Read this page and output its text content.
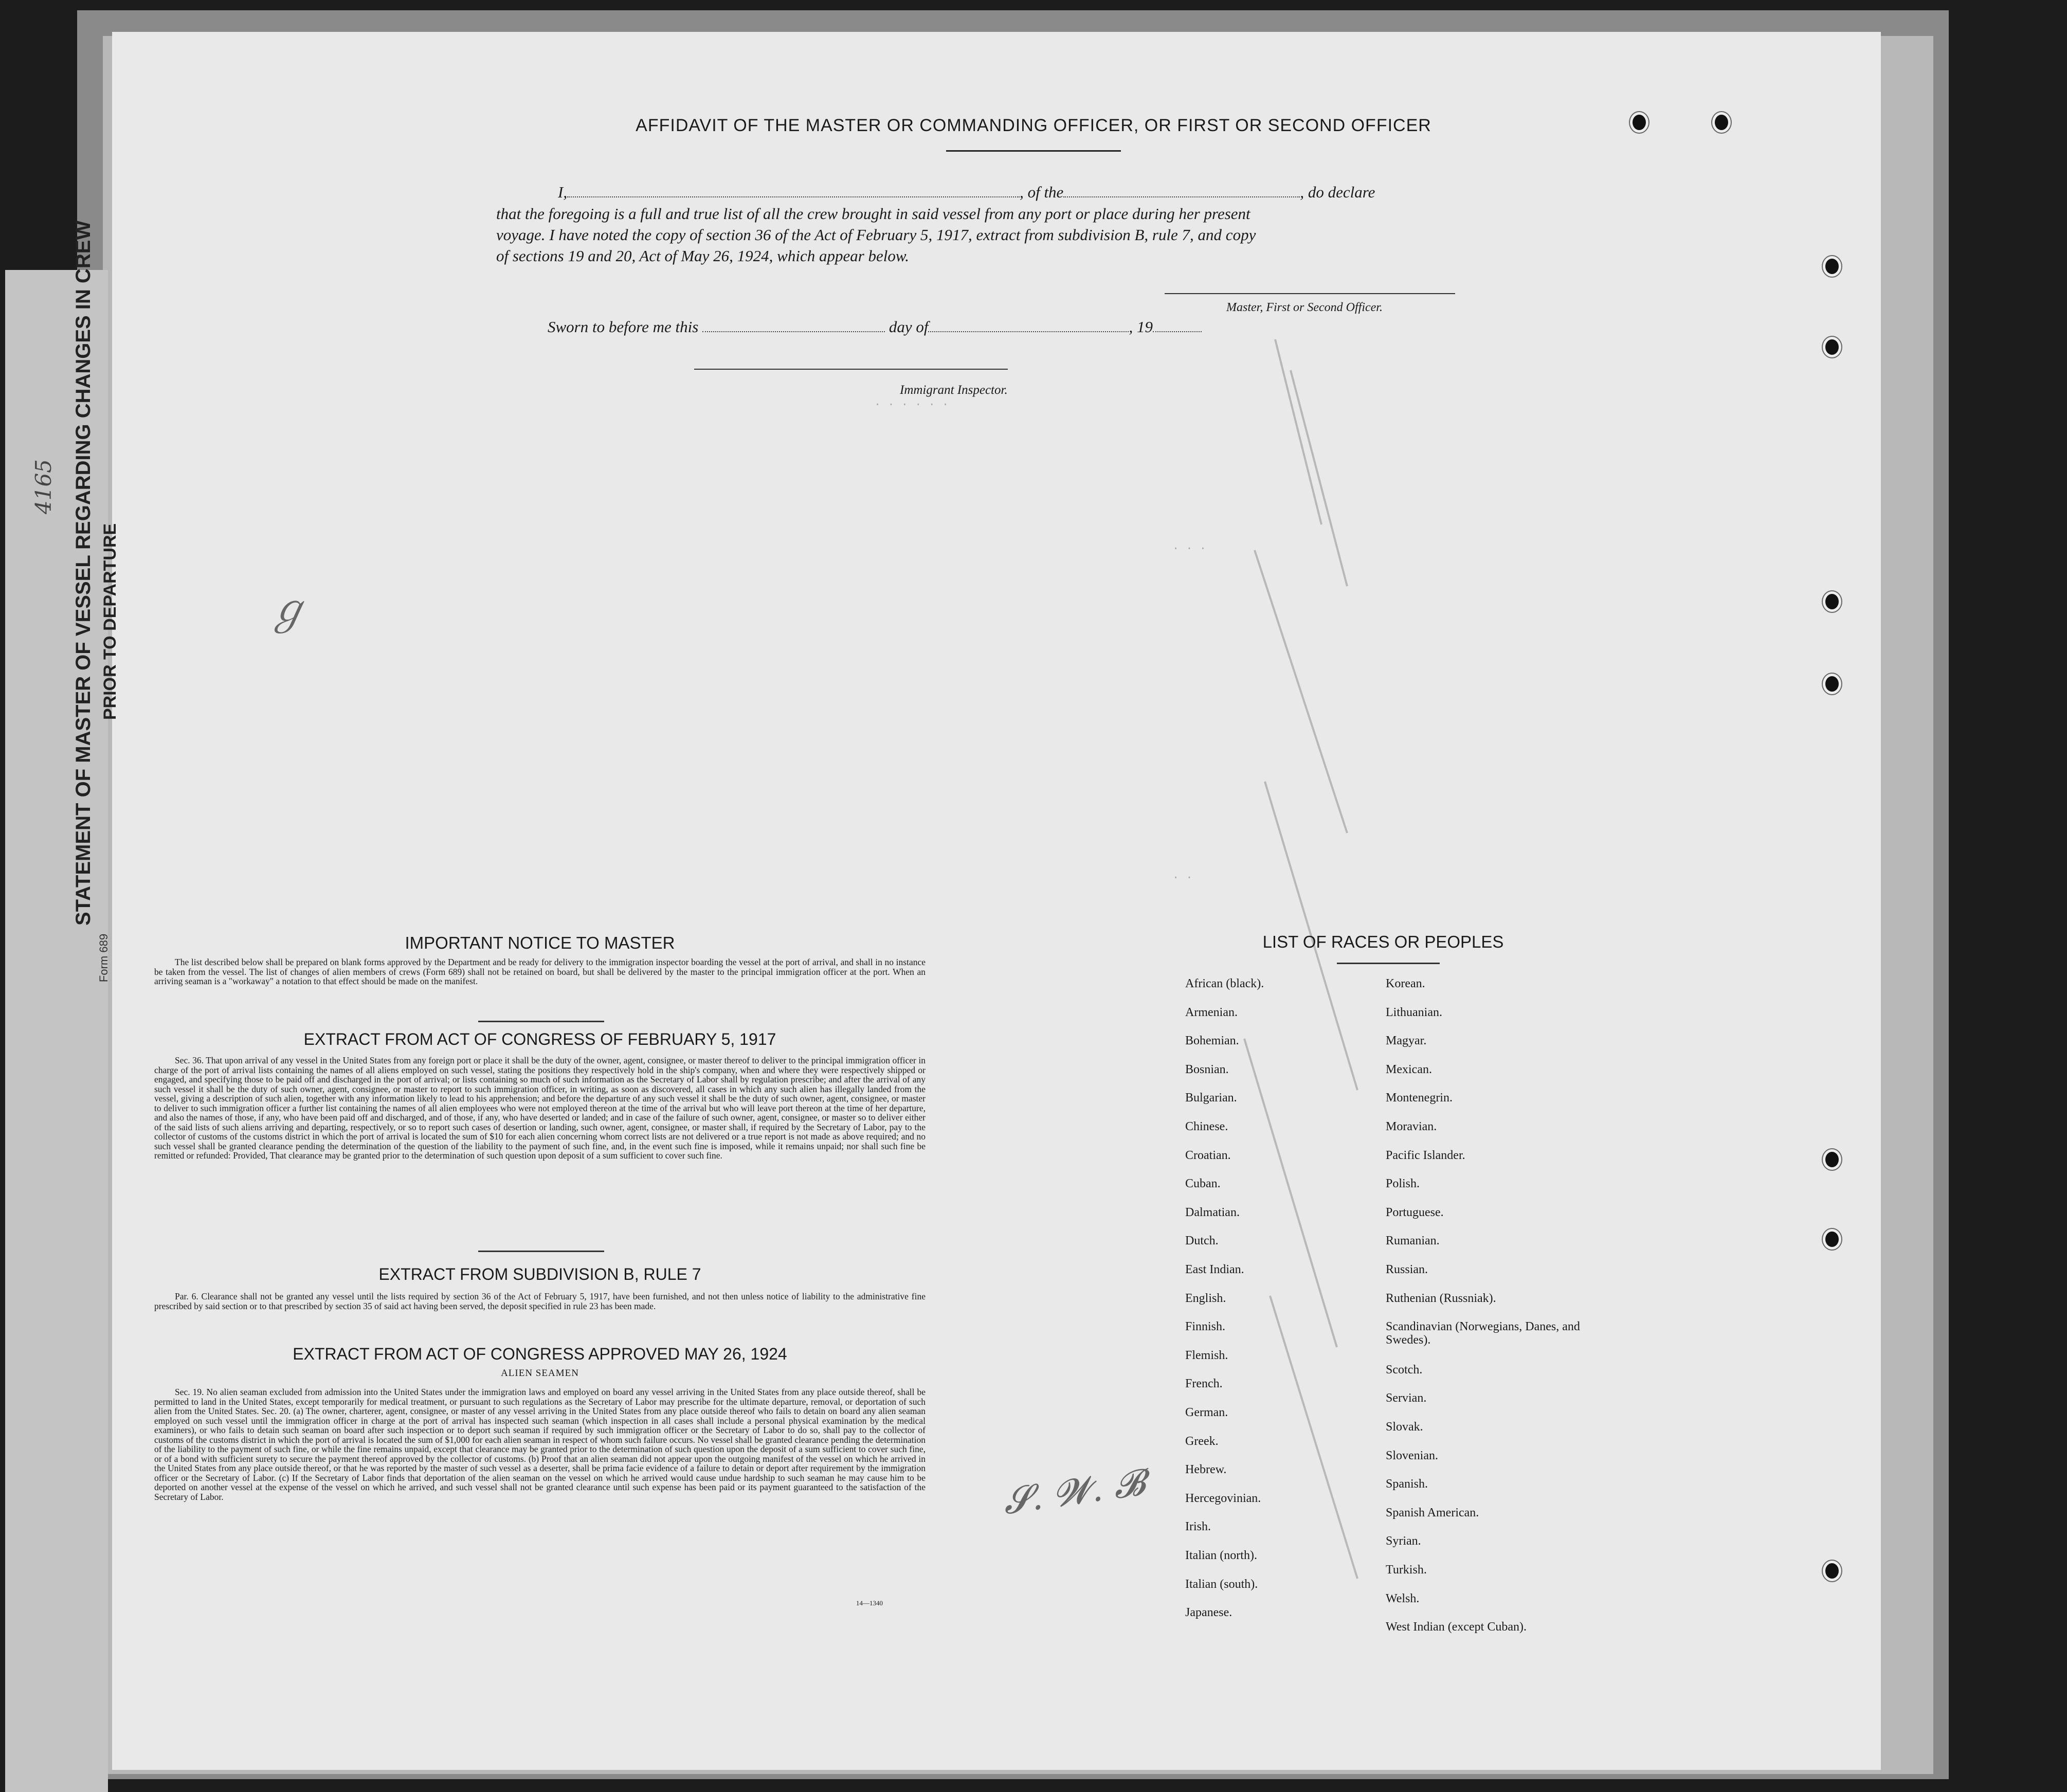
STATEMENT OF MASTER OF VESSEL REGARDING CHANGES IN CREW PRIOR TO DEPARTURE
Form 689
4165
. . . . . .
. . .
. .
AFFIDAVIT OF THE MASTER OR COMMANDING OFFICER, OR FIRST OR SECOND OFFICER
I,	, of the	, do declare
that the foregoing is a full and true list of all the crew brought in said vessel from any port or place during her present
voyage. I have noted the copy of section 36 of the Act of February 5, 1917, extract from subdivision B, rule 7, and copy
of sections 19 and 20, Act of May 26, 1924, which appear below.
Master, First or Second Officer.
Sworn to before me this	day of	, 19
Immigrant Inspector.
IMPORTANT NOTICE TO MASTER
The list described below shall be prepared on blank forms approved by the Department and be ready for delivery to the immigration inspector boarding the vessel at the port of arrival, and shall in no instance be taken from the vessel. The list of changes of alien members of crews (Form 689) shall not be retained on board, but shall be delivered by the master to the principal immigration officer at the port. When an arriving seaman is a "workaway" a notation to that effect should be made on the manifest.
EXTRACT FROM ACT OF CONGRESS OF FEBRUARY 5, 1917
Sec. 36. That upon arrival of any vessel in the United States from any foreign port or place it shall be the duty of the owner, agent, consignee, or master thereof to deliver to the principal immigration officer in charge of the port of arrival lists containing the names of all aliens employed on such vessel, stating the positions they respectively hold in the ship's company, when and where they were respectively shipped or engaged, and specifying those to be paid off and discharged in the port of arrival; or lists containing so much of such information as the Secretary of Labor shall by regulation prescribe; and after the arrival of any such vessel it shall be the duty of such owner, agent, consignee, or master to report to such immigration officer, in writing, as soon as discovered, all cases in which any such alien has illegally landed from the vessel, giving a description of such alien, together with any information likely to lead to his apprehension; and before the departure of any such vessel it shall be the duty of such owner, agent, consignee, or master to deliver to such immigration officer a further list containing the names of all alien employees who were not employed thereon at the time of the arrival but who will leave port thereon at the time of her departure, and also the names of those, if any, who have been paid off and discharged, and of those, if any, who have deserted or landed; and in case of the failure of such owner, agent, consignee, or master so to deliver either of the said lists of such aliens arriving and departing, respectively, or so to report such cases of desertion or landing, such owner, agent, consignee, or master shall, if required by the Secretary of Labor, pay to the collector of customs of the customs district in which the port of arrival is located the sum of $10 for each alien concerning whom correct lists are not delivered or a true report is not made as above required; and no such vessel shall be granted clearance pending the determination of the question of the liability to the payment of such fine, and, in the event such fine is imposed, while it remains unpaid; nor shall such fine be remitted or refunded: Provided, That clearance may be granted prior to the determination of such question upon deposit of a sum sufficient to cover such fine.
EXTRACT FROM SUBDIVISION B, RULE 7
Par. 6. Clearance shall not be granted any vessel until the lists required by section 36 of the Act of February 5, 1917, have been furnished, and not then unless notice of liability to the administrative fine prescribed by said section or to that prescribed by section 35 of said act having been served, the deposit specified in rule 23 has been made.
EXTRACT FROM ACT OF CONGRESS APPROVED MAY 26, 1924
ALIEN SEAMEN
Sec. 19. No alien seaman excluded from admission into the United States under the immigration laws and employed on board any vessel arriving in the United States from any place outside thereof, shall be permitted to land in the United States, except temporarily for medical treatment, or pursuant to such regulations as the Secretary of Labor may prescribe for the ultimate departure, removal, or deportation of such alien from the United States. Sec. 20. (a) The owner, charterer, agent, consignee, or master of any vessel arriving in the United States from any place outside thereof who fails to detain on board any alien seaman employed on such vessel until the immigration officer in charge at the port of arrival has inspected such seaman (which inspection in all cases shall include a personal physical examination by the medical examiners), or who fails to detain such seaman on board after such inspection or to deport such seaman if required by such immigration officer or the Secretary of Labor to do so, shall pay to the collector of customs of the customs district in which the port of arrival is located the sum of $1,000 for each alien seaman in respect of whom such failure occurs. No vessel shall be granted clearance pending the determination of the liability to the payment of such fine, or while the fine remains unpaid, except that clearance may be granted prior to the determination of such question upon the deposit of a sum sufficient to cover such fine, or of a bond with sufficient surety to secure the payment thereof approved by the collector of customs. (b) Proof that an alien seaman did not appear upon the outgoing manifest of the vessel on which he arrived in the United States from any place outside thereof, or that he was reported by the master of such vessel as a deserter, shall be prima facie evidence of a failure to detain or deport after requirement by the immigration officer or the Secretary of Labor. (c) If the Secretary of Labor finds that deportation of the alien seaman on the vessel on which he arrived would cause undue hardship to such seaman he may cause him to be deported on another vessel at the expense of the vessel on which he arrived, and such vessel shall not be granted clearance until such expense has been paid or its payment guaranteed to the satisfaction of the Secretary of Labor.
14—1340
LIST OF RACES OR PEOPLES
African (black).
Armenian.
Bohemian.
Bosnian.
Bulgarian.
Chinese.
Croatian.
Cuban.
Dalmatian.
Dutch.
East Indian.
English.
Finnish.
Flemish.
French.
German.
Greek.
Hebrew.
Hercegovinian.
Irish.
Italian (north).
Italian (south).
Japanese.
Korean.
Lithuanian.
Magyar.
Mexican.
Montenegrin.
Moravian.
Pacific Islander.
Polish.
Portuguese.
Rumanian.
Russian.
Ruthenian (Russniak).
Scandinavian (Norwegians, Danes, and Swedes).
Scotch.
Servian.
Slovak.
Slovenian.
Spanish.
Spanish American.
Syrian.
Turkish.
Welsh.
West Indian (except Cuban).
𝓢. 𝓦. 𝓑
ℊ
